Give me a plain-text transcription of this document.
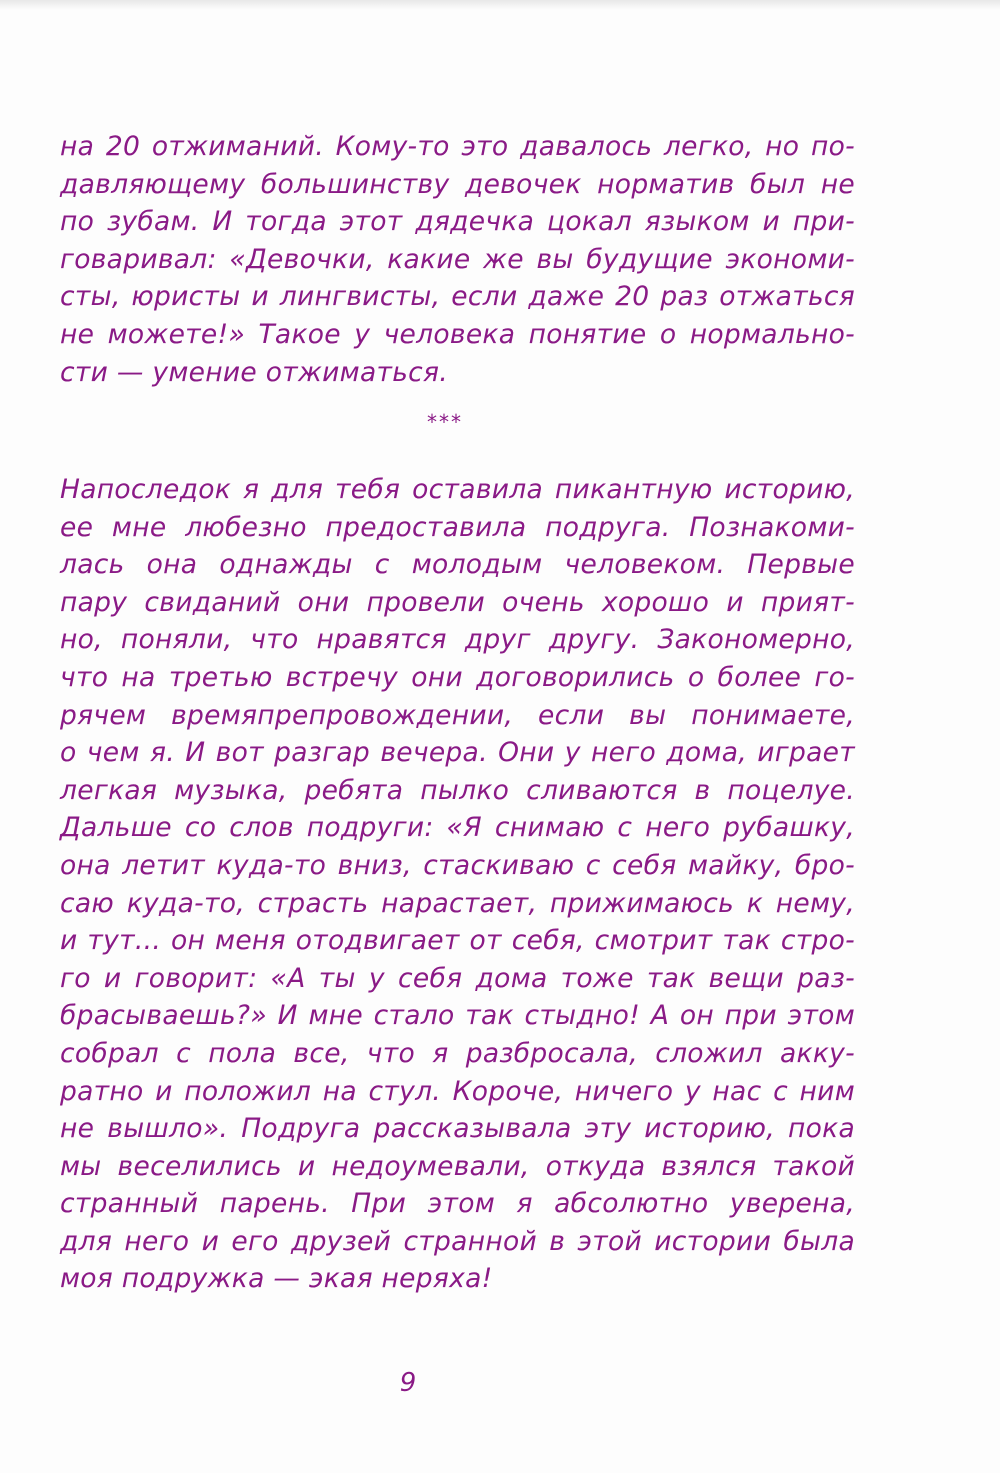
на 20 отжиманий. Кому-то это давалось легко, но по-
давляющему большинству девочек норматив был не
по зубам. И тогда этот дядечка цокал языком и при-
говаривал: «Девочки, какие же вы будущие экономи-
сты, юристы и лингвисты, если даже 20 раз отжаться
не можете!» Такое у человека понятие о нормально-
сти — умение отжиматься.
***
Напоследок я для тебя оставила пикантную историю,
ее мне любезно предоставила подруга. Познакоми-
лась она однажды с молодым человеком. Первые
пару свиданий они провели очень хорошо и прият-
но, поняли, что нравятся друг другу. Закономерно,
что на третью встречу они договорились о более го-
рячем времяпрепровождении, если вы понимаете,
о чем я. И вот разгар вечера. Они у него дома, играет
легкая музыка, ребята пылко сливаются в поцелуе.
Дальше со слов подруги: «Я снимаю с него рубашку,
она летит куда-то вниз, стаскиваю с себя майку, бро-
саю куда-то, страсть нарастает, прижимаюсь к нему,
и тут... он меня отодвигает от себя, смотрит так стро-
го и говорит: «А ты у себя дома тоже так вещи раз-
брасываешь?» И мне стало так стыдно! А он при этом
собрал с пола все, что я разбросала, сложил акку-
ратно и положил на стул. Короче, ничего у нас с ним
не вышло». Подруга рассказывала эту историю, пока
мы веселились и недоумевали, откуда взялся такой
странный парень. При этом я абсолютно уверена,
для него и его друзей странной в этой истории была
моя подружка — экая неряха!
9
